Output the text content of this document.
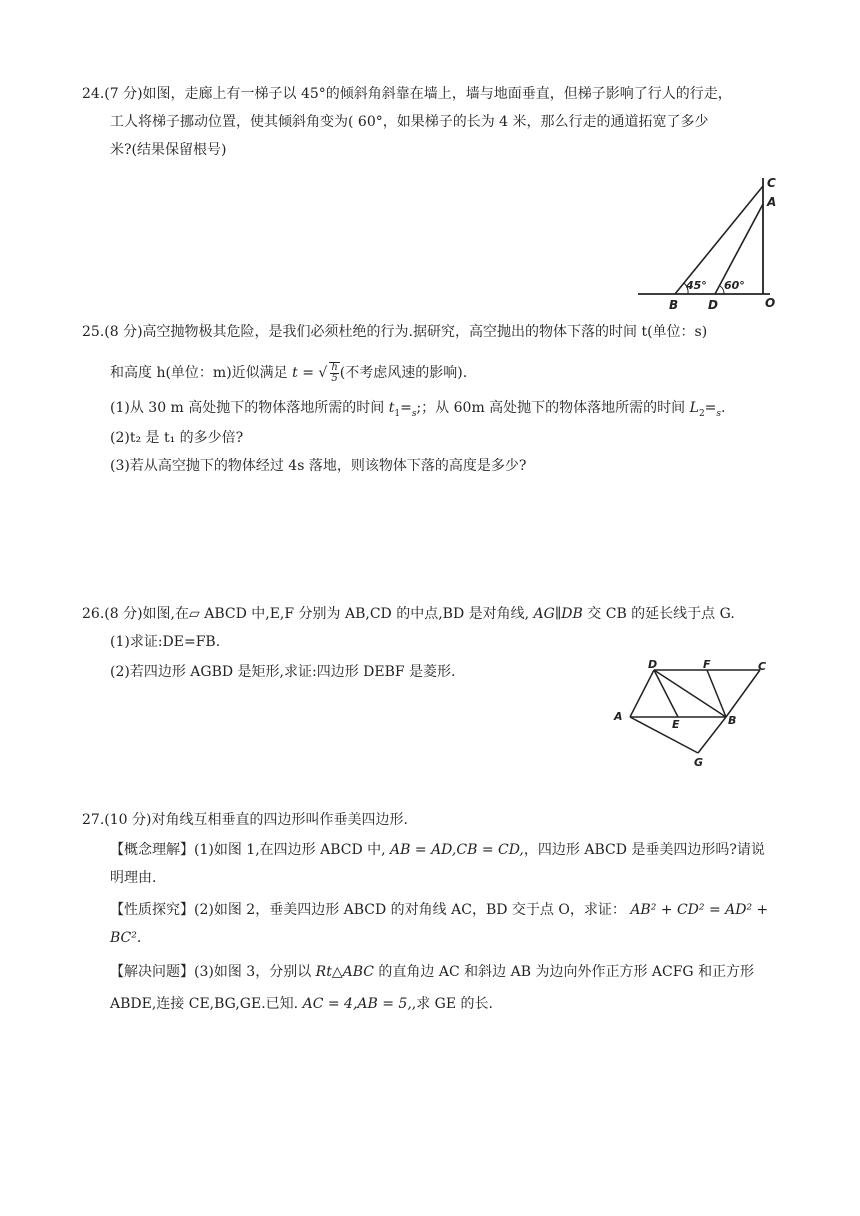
24.(7 分)如图，走廊上有一梯子以 45°的倾斜角斜靠在墙上，墙与地面垂直，但梯子影响了行人的行走，
工人将梯子挪动位置，使其倾斜角变为( 60°，如果梯子的长为 4 米，那么行走的通道拓宽了多少
米?(结果保留根号)
45° 60°
C
A
B D	O
25.(8 分)高空抛物极其危险，是我们必须杜绝的行为.据研究，高空抛出的物体下落的时间 t(单位：s)
和高度 h(单位：m)近似满足 t = √ $\frac{h}{5}$ (不考虑风速的影响).
(1)从 30 m 高处抛下的物体落地所需的时间 $t_1=_s$;；从 60m 高处抛下的物体落地所需的时间 $L_2=_s$.
(2)t₂ 是 t₁ 的多少倍?
(3)若从高空抛下的物体经过 4s 落地，则该物体下落的高度是多少?
26.(8 分)如图,在▱ ABCD 中,E,F 分别为 AB,CD 的中点,BD 是对角线, AG∥DB 交 CB 的延长线于点 G.
(1)求证:DE=FB.
(2)若四边形 AGBD 是矩形,求证:四边形 DEBF 是菱形.	D	F	C
A
E	B
G
27.(10 分)对角线互相垂直的四边形叫作垂美四边形.
【概念理解】(1)如图 1,在四边形 ABCD 中, AB = AD,CB = CD,，四边形 ABCD 是垂美四边形吗?请说
明理由.
【性质探究】(2)如图 2，垂美四边形 ABCD 的对角线 AC，BD 交于点 O，求证： AB² + CD² = AD² +
BC².
【解决问题】(3)如图 3，分别以 Rt△ABC 的直角边 AC 和斜边 AB 为边向外作正方形 ACFG 和正方形
ABDE,连接 CE,BG,GE.已知. AC = 4,AB = 5,,求 GE 的长.
